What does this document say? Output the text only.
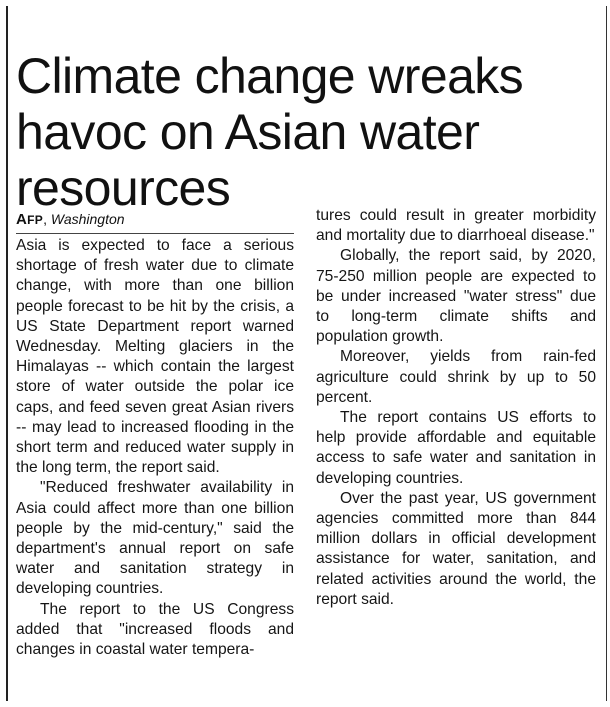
Climate change wreaks havoc on Asian water resources
AFP, Washington

Asia is expected to face a serious shortage of fresh water due to climate change, with more than one billion people forecast to be hit by the crisis, a US State Department report warned Wednesday. Melting glaciers in the Himalayas -- which contain the largest store of water outside the polar ice caps, and feed seven great Asian rivers -- may lead to increased flooding in the short term and reduced water supply in the long term, the report said.

"Reduced freshwater availability in Asia could affect more than one billion people by the mid-century," said the department's annual report on safe water and sanitation strategy in developing countries.

The report to the US Congress added that "increased floods and changes in coastal water tempera-

tures could result in greater morbidity and mortality due to diarrhoeal disease."

Globally, the report said, by 2020, 75-250 million people are expected to be under increased "water stress" due to long-term climate shifts and population growth.

Moreover, yields from rain-fed agriculture could shrink by up to 50 percent.

The report contains US efforts to help provide affordable and equitable access to safe water and sanitation in developing countries.

Over the past year, US government agencies committed more than 844 million dollars in official development assistance for water, sanitation, and related activities around the world, the report said.
